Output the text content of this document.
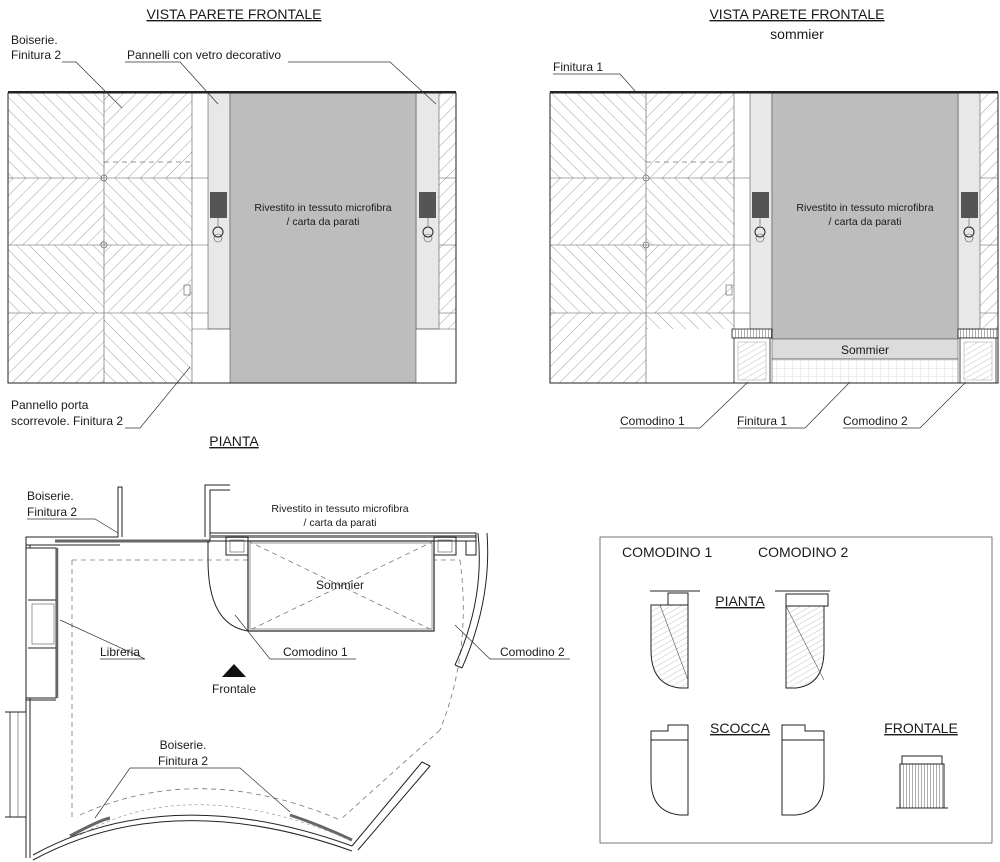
VISTA PARETE FRONTALE
Rivestito in tessuto microfibra
/ carta da parati
Boiserie.
Finitura 2	Pannelli con vetro decorativo
Pannello porta
scorrevole. Finitura 2
VISTA PARETE FRONTALE
sommier
Sommier
Rivestito in tessuto microfibra
/ carta da parati
Finitura 1
Comodino 1	Finitura 1	Comodino 2
PIANTA
Sommier
Rivestito in tessuto microfibra
/ carta da parati
Boiserie.
Finitura 2
Libreria	Comodino 1	Comodino 2
Frontale
Boiserie.
Finitura 2
COMODINO 1	COMODINO 2
PIANTA
SCOCCA	FRONTALE
